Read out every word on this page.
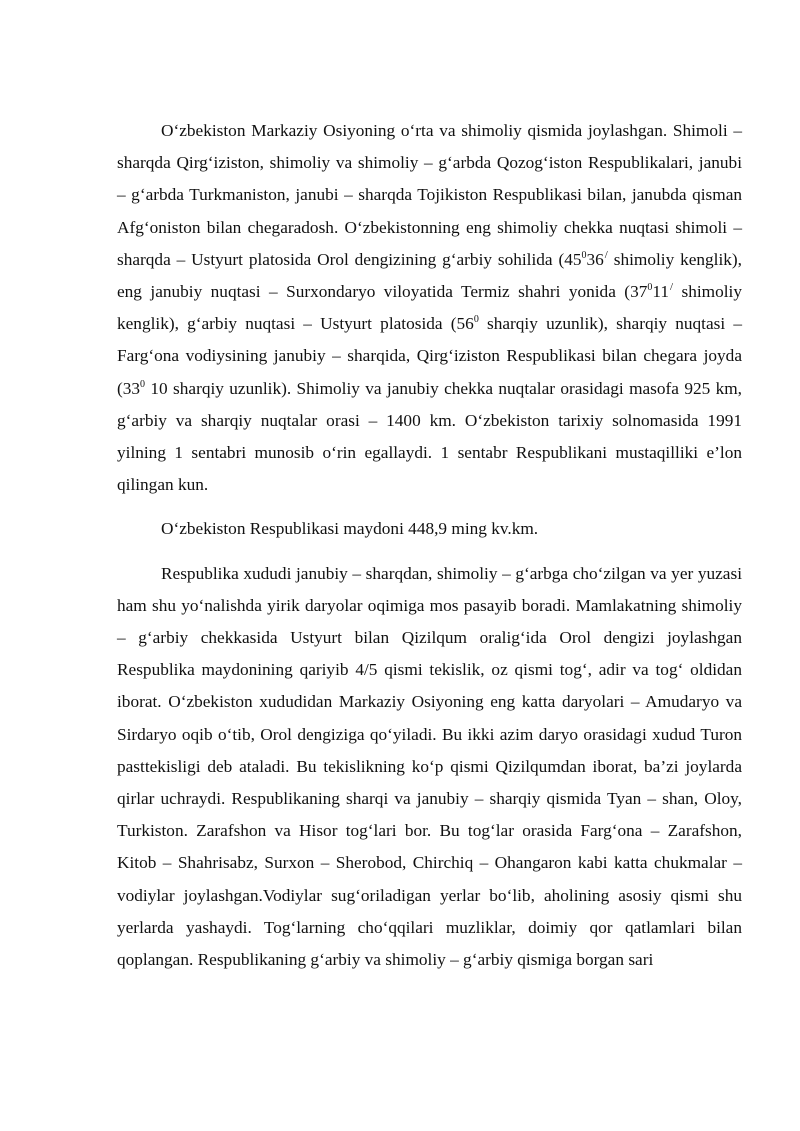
O‘zbekiston Markaziy Osiyoning o‘rta va shimoliy qismida joylashgan. Shimoli – sharqda Qirg‘iziston, shimoliy va shimoliy – g‘arbda Qozog‘iston Respublikalari, janubi – g‘arbda Turkmaniston, janubi – sharqda Tojikiston Respublikasi bilan, janubda qisman Afg‘oniston bilan chegaradosh. O‘zbekistonning eng shimoliy chekka nuqtasi shimoli – sharqda – Ustyurt platosida Orol dengizining g‘arbiy sohilida ($45^036^/$ shimoliy kenglik), eng janubiy nuqtasi – Surxondaryo viloyatida Termiz shahri yonida ($37^011^/$ shimoliy kenglik), g‘arbiy nuqtasi – Ustyurt platosida ($56^0$ sharqiy uzunlik), sharqiy nuqtasi – Farg‘ona vodiysining janubiy – sharqida, Qirg‘iziston Respublikasi bilan chegara joyda ($33^0$ 10 sharqiy uzunlik). Shimoliy va janubiy chekka nuqtalar orasidagi masofa 925 km, g‘arbiy va sharqiy nuqtalar orasi – 1400 km. O‘zbekiston tarixiy solnomasida 1991 yilning 1 sentabri munosib o‘rin egallaydi. 1 sentabr Respublikani mustaqilliki e’lon qilingan kun.

O‘zbekiston Respublikasi maydoni 448,9 ming kv.km.

Respublika xududi janubiy – sharqdan, shimoliy – g‘arbga cho‘zilgan va yer yuzasi ham shu yo‘nalishda yirik daryolar oqimiga mos pasayib boradi. Mamlakatning shimoliy – g‘arbiy chekkasida Ustyurt bilan Qizilqum oralig‘ida Orol dengizi joylashgan Respublika maydonining qariyib 4/5 qismi tekislik, oz qismi tog‘, adir va tog‘ oldidan iborat. O‘zbekiston xududidan Markaziy Osiyoning eng katta daryolari – Amudaryo va Sirdaryo oqib o‘tib, Orol dengiziga qo‘yiladi. Bu ikki azim daryo orasidagi xudud Turon pasttekisligi deb ataladi. Bu tekislikning ko‘p qismi Qizilqumdan iborat, ba’zi joylarda qirlar uchraydi. Respublikaning sharqi va janubiy – sharqiy qismida Tyan – shan, Oloy, Turkiston. Zarafshon va Hisor tog‘lari bor. Bu tog‘lar orasida Farg‘ona – Zarafshon, Kitob – Shahrisabz, Surxon – Sherobod, Chirchiq – Ohangaron kabi katta chukmalar – vodiylar joylashgan.Vodiylar sug‘oriladigan yerlar bo‘lib, aholining asosiy qismi shu yerlarda yashaydi. Tog‘larning cho‘qqilari muzliklar, doimiy qor qatlamlari bilan qoplangan. Respublikaning g‘arbiy va shimoliy – g‘arbiy qismiga borgan sari
